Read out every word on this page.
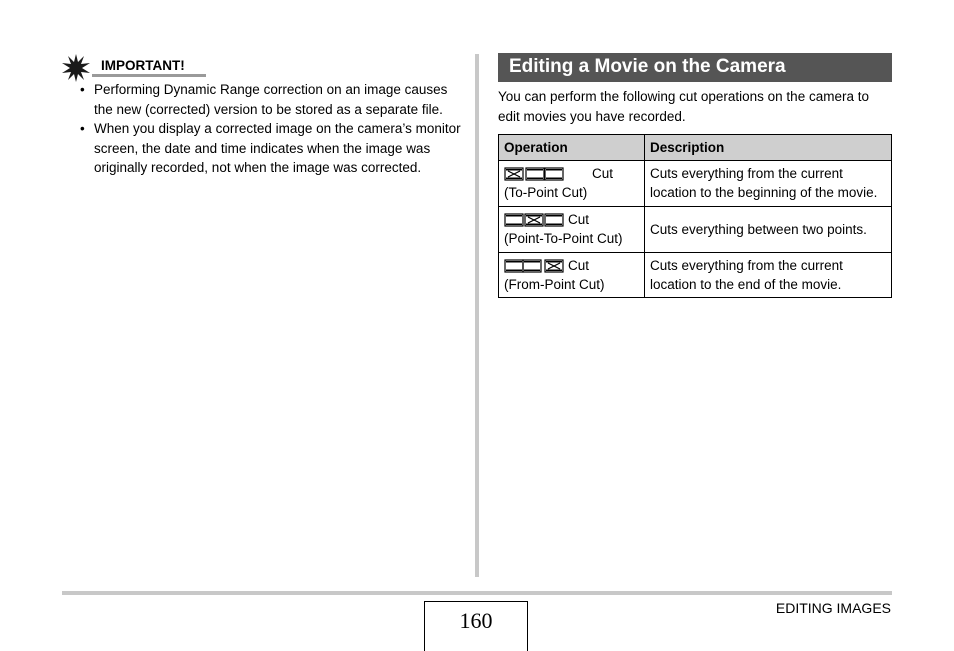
IMPORTANT!
• Performing Dynamic Range correction on an image causes the new (corrected) version to be stored as a separate file.
• When you display a corrected image on the camera’s monitor screen, the date and time indicates when the image was originally recorded, not when the image was corrected.
Editing a Movie on the Camera

You can perform the following cut operations on the camera to edit movies you have recorded.

Operation	Description

Cut
(To-Point Cut)	Cuts everything from the current location to the beginning of the movie.

Cut
(Point-To-Point Cut)	Cuts everything between two points.

Cut
(From-Point Cut)	Cuts everything from the current location to the end of the movie.
160	EDITING IMAGES
